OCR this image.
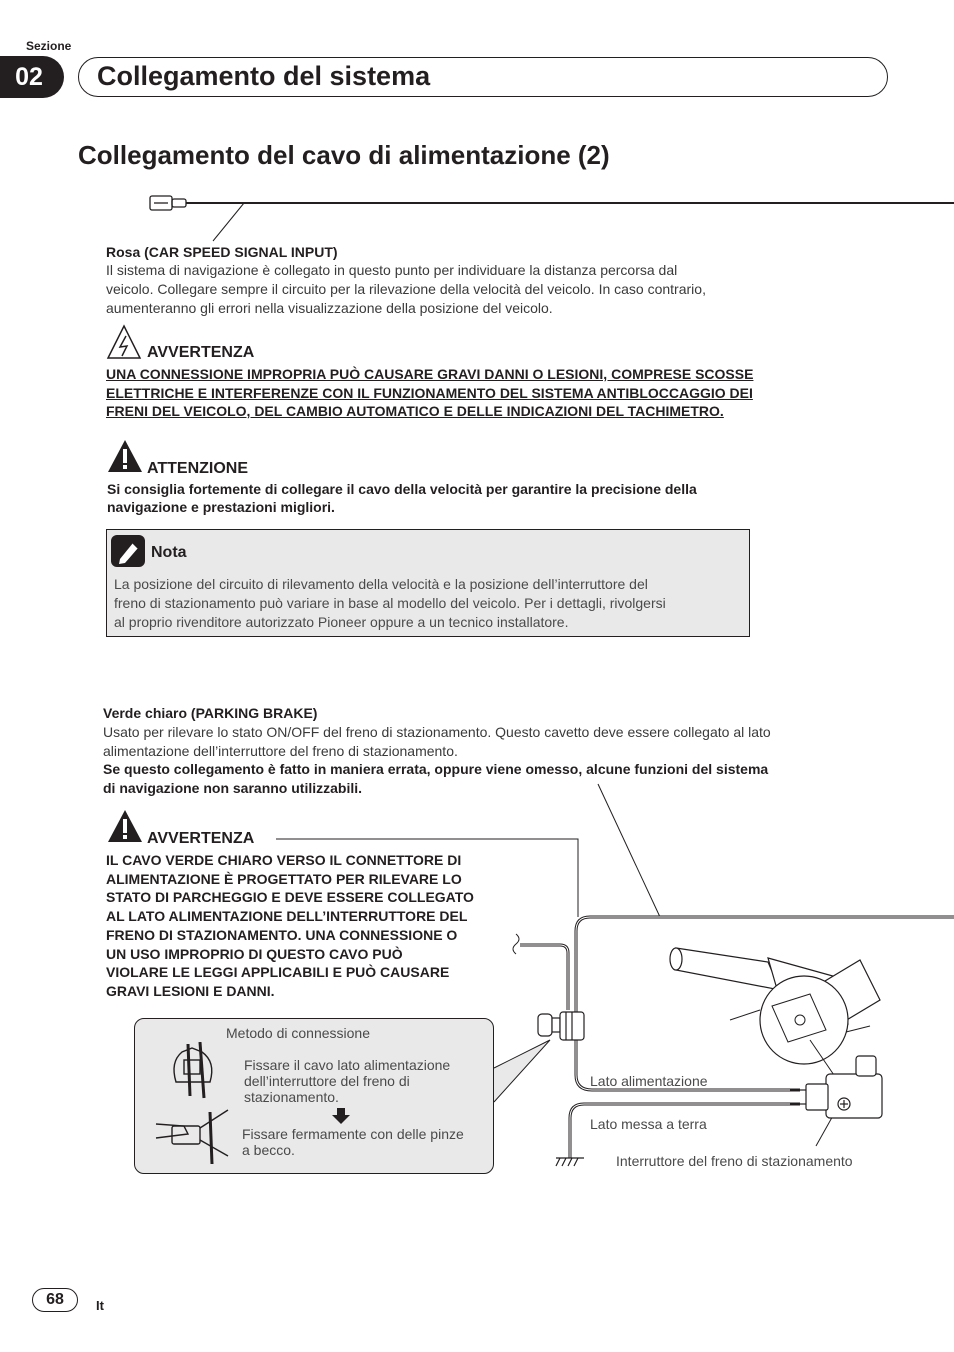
Sezione
02	Collegamento del sistema
Collegamento del cavo di alimentazione (2)
Rosa (CAR SPEED SIGNAL INPUT)
Il sistema di navigazione è collegato in questo punto per individuare la distanza percorsa dal
veicolo. Collegare sempre il circuito per la rilevazione della velocità del veicolo. In caso contrario,
aumenteranno gli errori nella visualizzazione della posizione del veicolo.
AVVERTENZA
UNA CONNESSIONE IMPROPRIA PUÒ CAUSARE GRAVI DANNI O LESIONI, COMPRESE SCOSSE
ELETTRICHE E INTERFERENZE CON IL FUNZIONAMENTO DEL SISTEMA ANTIBLOCCAGGIO DEI
FRENI DEL VEICOLO, DEL CAMBIO AUTOMATICO E DELLE INDICAZIONI DEL TACHIMETRO.
ATTENZIONE
Si consiglia fortemente di collegare il cavo della velocità per garantire la precisione della
navigazione e prestazioni migliori.
Nota
La posizione del circuito di rilevamento della velocità e la posizione dell’interruttore del
freno di stazionamento può variare in base al modello del veicolo. Per i dettagli, rivolgersi
al proprio rivenditore autorizzato Pioneer oppure a un tecnico installatore.
Verde chiaro (PARKING BRAKE)
Usato per rilevare lo stato ON/OFF del freno di stazionamento. Questo cavetto deve essere collegato al lato
alimentazione dell’interruttore del freno di stazionamento.
Se questo collegamento è fatto in maniera errata, oppure viene omesso, alcune funzioni del sistema
di navigazione non saranno utilizzabili.
AVVERTENZA
IL CAVO VERDE CHIARO VERSO IL CONNETTORE DI
ALIMENTAZIONE È PROGETTATO PER RILEVARE LO
STATO DI PARCHEGGIO E DEVE ESSERE COLLEGATO
AL LATO ALIMENTAZIONE DELL’INTERRUTTORE DEL
FRENO DI STAZIONAMENTO. UNA CONNESSIONE O
UN USO IMPROPRIO DI QUESTO CAVO PUÒ
VIOLARE LE LEGGI APPLICABILI E PUÒ CAUSARE
GRAVI LESIONI E DANNI.
Metodo di connessione
Fissare il cavo lato alimentazione
dell’interruttore del freno di
stazionamento.
Fissare fermamente con delle pinze
a becco.
Lato alimentazione
Lato messa a terra
Interruttore del freno di stazionamento
68	It
